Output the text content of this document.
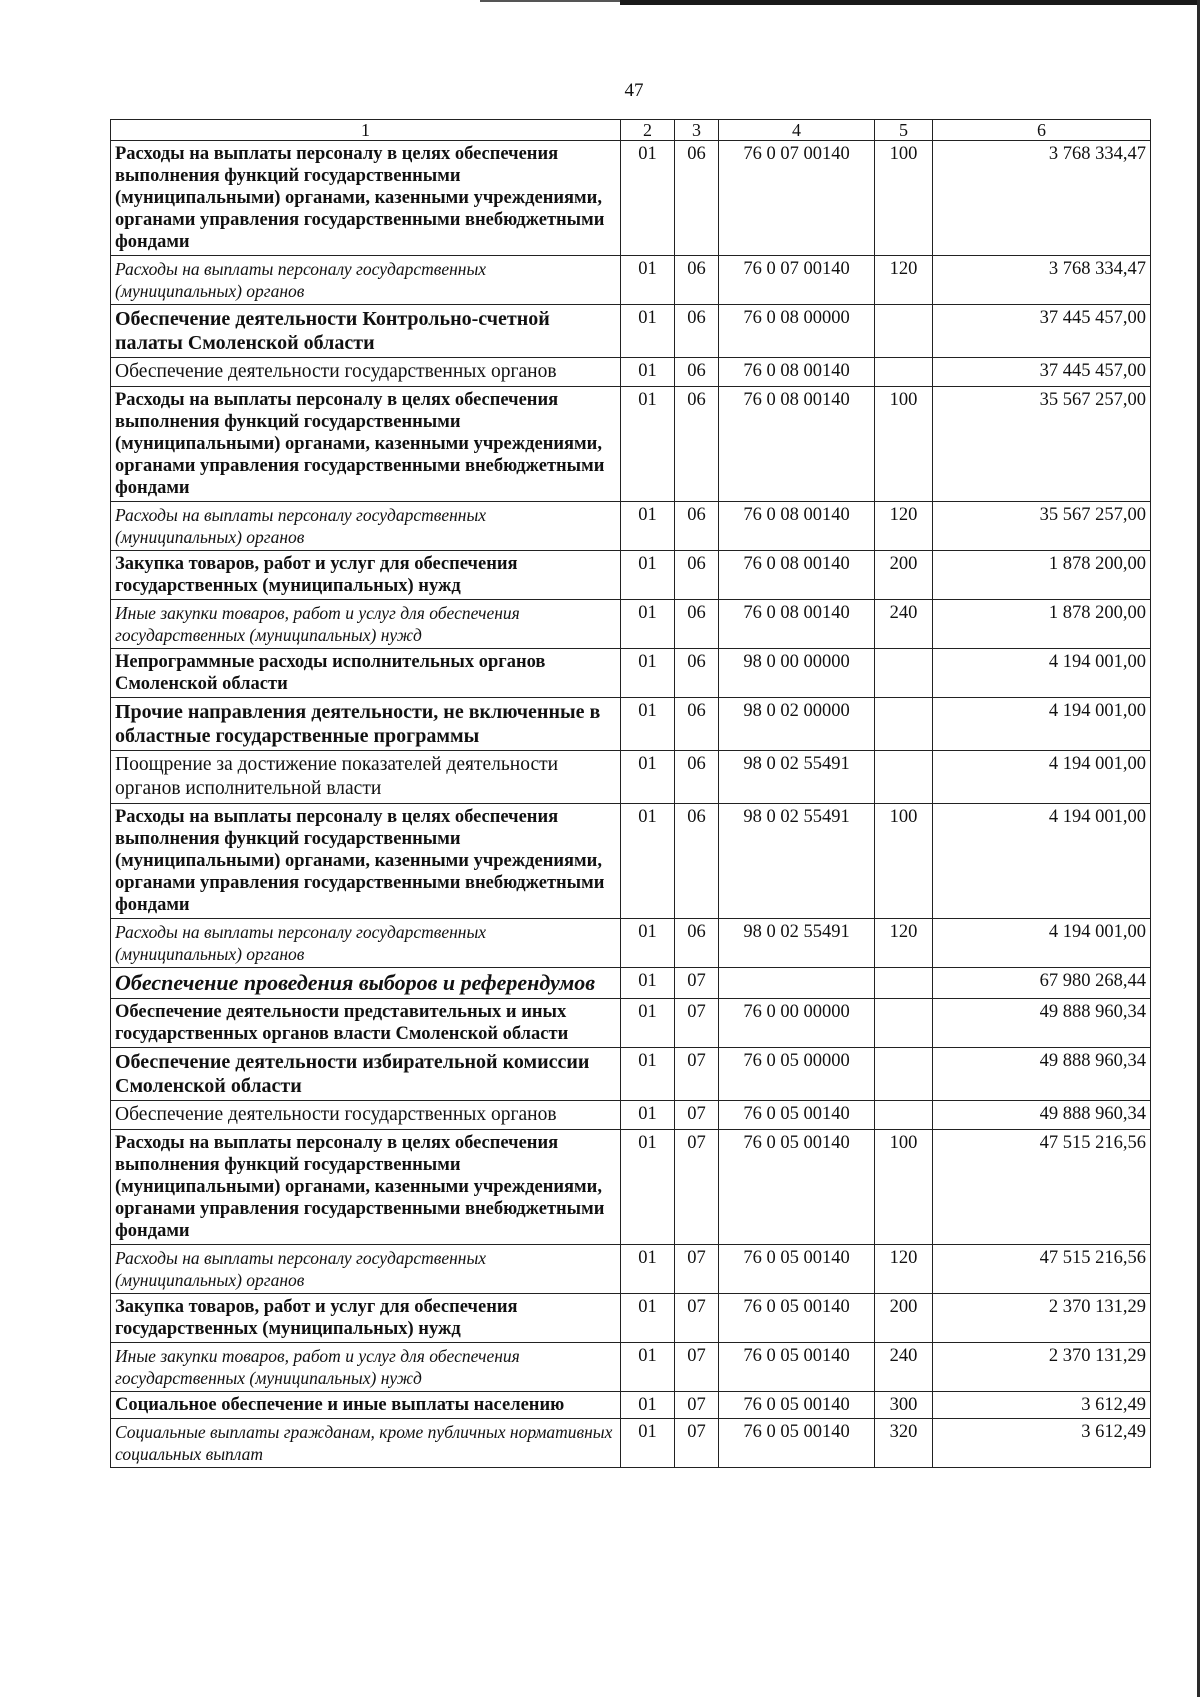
47
1	2	3	4	5	6
Расходы на выплаты персоналу в целях обеспечения выполнения функций государственными (муниципальными) органами, казенными учреждениями, органами управления государственными внебюджетными фондами	01	06	76 0 07 00140	100	3 768 334,47
Расходы на выплаты персоналу государственных (муниципальных) органов	01	06	76 0 07 00140	120	3 768 334,47
Обеспечение деятельности Контрольно-счетной палаты Смоленской области	01	06	76 0 08 00000		37 445 457,00
Обеспечение деятельности государственных органов	01	06	76 0 08 00140		37 445 457,00
Расходы на выплаты персоналу в целях обеспечения выполнения функций государственными (муниципальными) органами, казенными учреждениями, органами управления государственными внебюджетными фондами	01	06	76 0 08 00140	100	35 567 257,00
Расходы на выплаты персоналу государственных (муниципальных) органов	01	06	76 0 08 00140	120	35 567 257,00
Закупка товаров, работ и услуг для обеспечения государственных (муниципальных) нужд	01	06	76 0 08 00140	200	1 878 200,00
Иные закупки товаров, работ и услуг для обеспечения государственных (муниципальных) нужд	01	06	76 0 08 00140	240	1 878 200,00
Непрограммные расходы исполнительных органов Смоленской области	01	06	98 0 00 00000		4 194 001,00
Прочие направления деятельности, не включенные в областные государственные программы	01	06	98 0 02 00000		4 194 001,00
Поощрение за достижение показателей деятельности органов исполнительной власти	01	06	98 0 02 55491		4 194 001,00
Расходы на выплаты персоналу в целях обеспечения выполнения функций государственными (муниципальными) органами, казенными учреждениями, органами управления государственными внебюджетными фондами	01	06	98 0 02 55491	100	4 194 001,00
Расходы на выплаты персоналу государственных (муниципальных) органов	01	06	98 0 02 55491	120	4 194 001,00
Обеспечение проведения выборов и референдумов	01	07			67 980 268,44
Обеспечение деятельности представительных и иных государственных органов власти Смоленской области	01	07	76 0 00 00000		49 888 960,34
Обеспечение деятельности избирательной комиссии Смоленской области	01	07	76 0 05 00000		49 888 960,34
Обеспечение деятельности государственных органов	01	07	76 0 05 00140		49 888 960,34
Расходы на выплаты персоналу в целях обеспечения выполнения функций государственными (муниципальными) органами, казенными учреждениями, органами управления государственными внебюджетными фондами	01	07	76 0 05 00140	100	47 515 216,56
Расходы на выплаты персоналу государственных (муниципальных) органов	01	07	76 0 05 00140	120	47 515 216,56
Закупка товаров, работ и услуг для обеспечения государственных (муниципальных) нужд	01	07	76 0 05 00140	200	2 370 131,29
Иные закупки товаров, работ и услуг для обеспечения государственных (муниципальных) нужд	01	07	76 0 05 00140	240	2 370 131,29
Социальное обеспечение и иные выплаты населению	01	07	76 0 05 00140	300	3 612,49
Социальные выплаты гражданам, кроме публичных нормативных социальных выплат	01	07	76 0 05 00140	320	3 612,49
